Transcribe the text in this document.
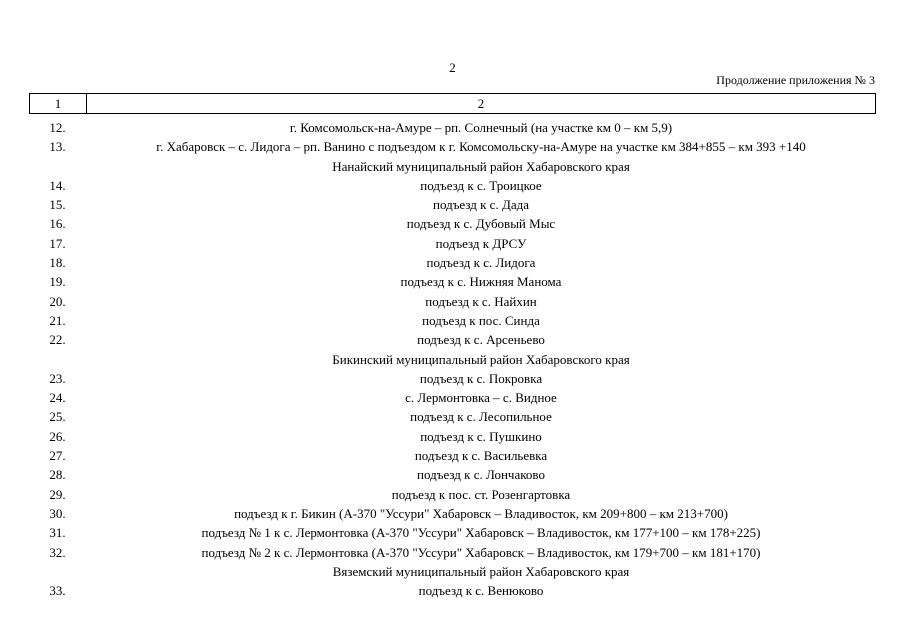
2
Продолжение приложения № 3
1	2
12.	г. Комсомольск-на-Амуре – рп. Солнечный (на участке км 0 – км 5,9)
13.	г. Хабаровск – с. Лидога – рп. Ванино с подъездом к г. Комсомольску-на-Амуре на участке км 384+855 – км 393 +140
Нанайский муниципальный район Хабаровского края
14.	подъезд к с. Троицкое
15.	подъезд к с. Дада
16.	подъезд к с. Дубовый Мыс
17.	подъезд к ДРСУ
18.	подъезд к с. Лидога
19.	подъезд к с. Нижняя Манома
20.	подъезд к с. Найхин
21.	подъезд к пос. Синда
22.	подъезд к с. Арсеньево
Бикинский муниципальный район Хабаровского края
23.	подъезд к с. Покровка
24.	с. Лермонтовка – с. Видное
25.	подъезд к с. Лесопильное
26.	подъезд к с. Пушкино
27.	подъезд к с. Васильевка
28.	подъезд к с. Лончаково
29.	подъезд к пос. ст. Розенгартовка
30.	подъезд к г. Бикин (А-370 "Уссури" Хабаровск – Владивосток, км 209+800 – км 213+700)
31.	подъезд № 1 к с. Лермонтовка (А-370 "Уссури" Хабаровск – Владивосток, км 177+100 – км 178+225)
32.	подъезд № 2 к с. Лермонтовка (А-370 "Уссури" Хабаровск – Владивосток, км 179+700 – км 181+170)
Вяземский муниципальный район Хабаровского края
33.	подъезд к с. Венюково
